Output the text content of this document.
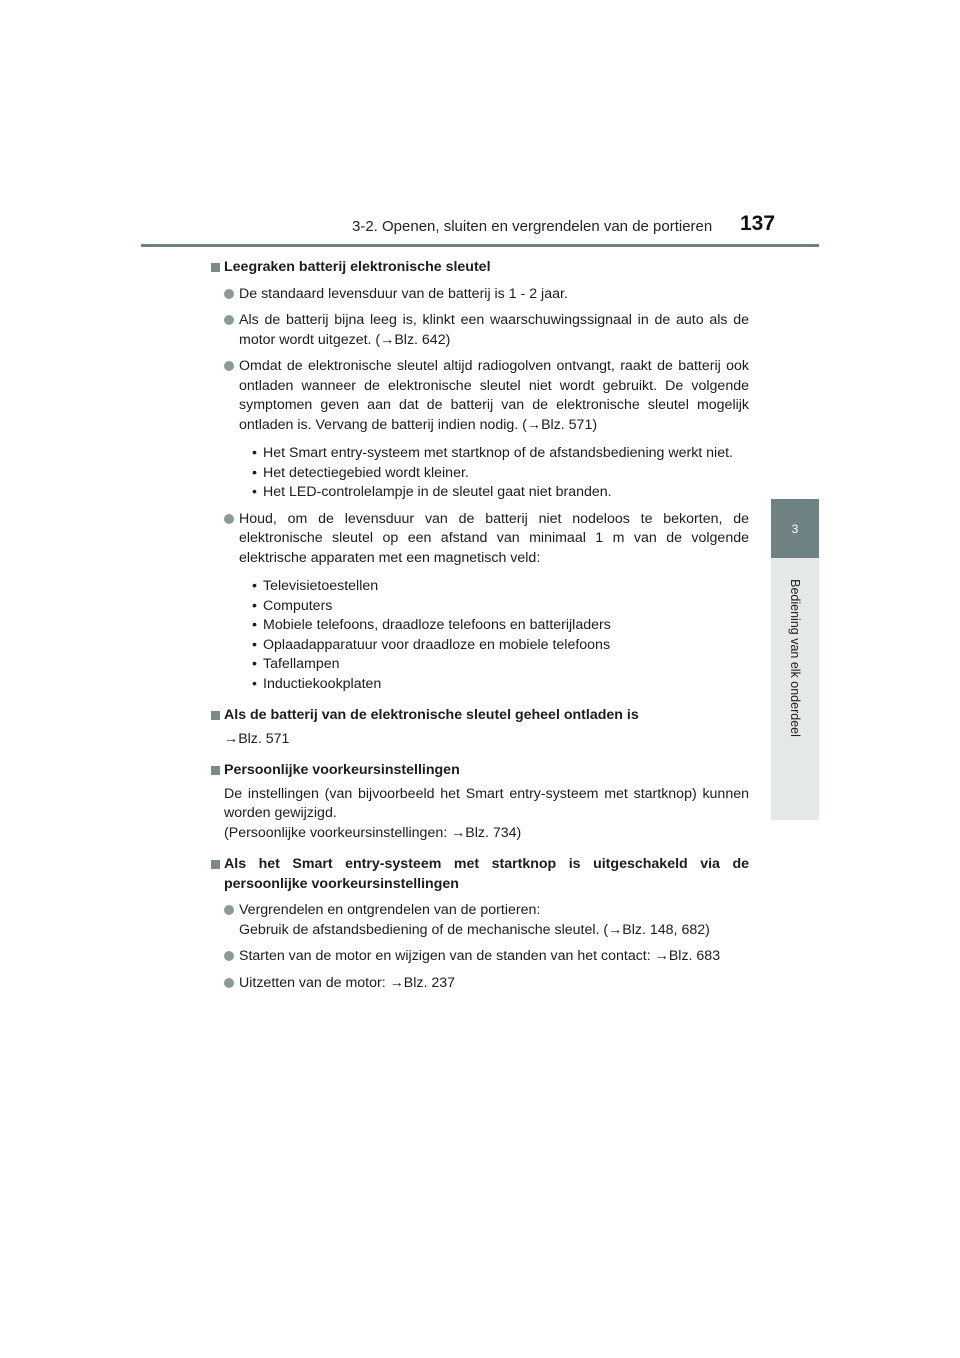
3-2. Openen, sluiten en vergrendelen van de portieren 137
3
Bediening van elk onderdeel
Leegraken batterij elektronische sleutel
De standaard levensduur van de batterij is 1 - 2 jaar.
Als de batterij bijna leeg is, klinkt een waarschuwingssignaal in de auto als de motor wordt uitgezet. (→Blz. 642)
Omdat de elektronische sleutel altijd radiogolven ontvangt, raakt de batterij ook ontladen wanneer de elektronische sleutel niet wordt gebruikt. De volgende symptomen geven aan dat de batterij van de elektronische sleutel mogelijk ontladen is. Vervang de batterij indien nodig. (→Blz. 571)
• Het Smart entry-systeem met startknop of de afstandsbediening werkt niet.
• Het detectiegebied wordt kleiner.
• Het LED-controlelampje in de sleutel gaat niet branden.
Houd, om de levensduur van de batterij niet nodeloos te bekorten, de elektronische sleutel op een afstand van minimaal 1 m van de volgende elektrische apparaten met een magnetisch veld:
• Televisietoestellen
• Computers
• Mobiele telefoons, draadloze telefoons en batterijladers
• Oplaadapparatuur voor draadloze en mobiele telefoons
• Tafellampen
• Inductiekookplaten
Als de batterij van de elektronische sleutel geheel ontladen is
→Blz. 571
Persoonlijke voorkeursinstellingen
De instellingen (van bijvoorbeeld het Smart entry-systeem met startknop) kunnen worden gewijzigd.
(Persoonlijke voorkeursinstellingen: →Blz. 734)
Als het Smart entry-systeem met startknop is uitgeschakeld via de persoonlijke voorkeursinstellingen
Vergrendelen en ontgrendelen van de portieren:
Gebruik de afstandsbediening of de mechanische sleutel. (→Blz. 148, 682)
Starten van de motor en wijzigen van de standen van het contact: →Blz. 683
Uitzetten van de motor: →Blz. 237
